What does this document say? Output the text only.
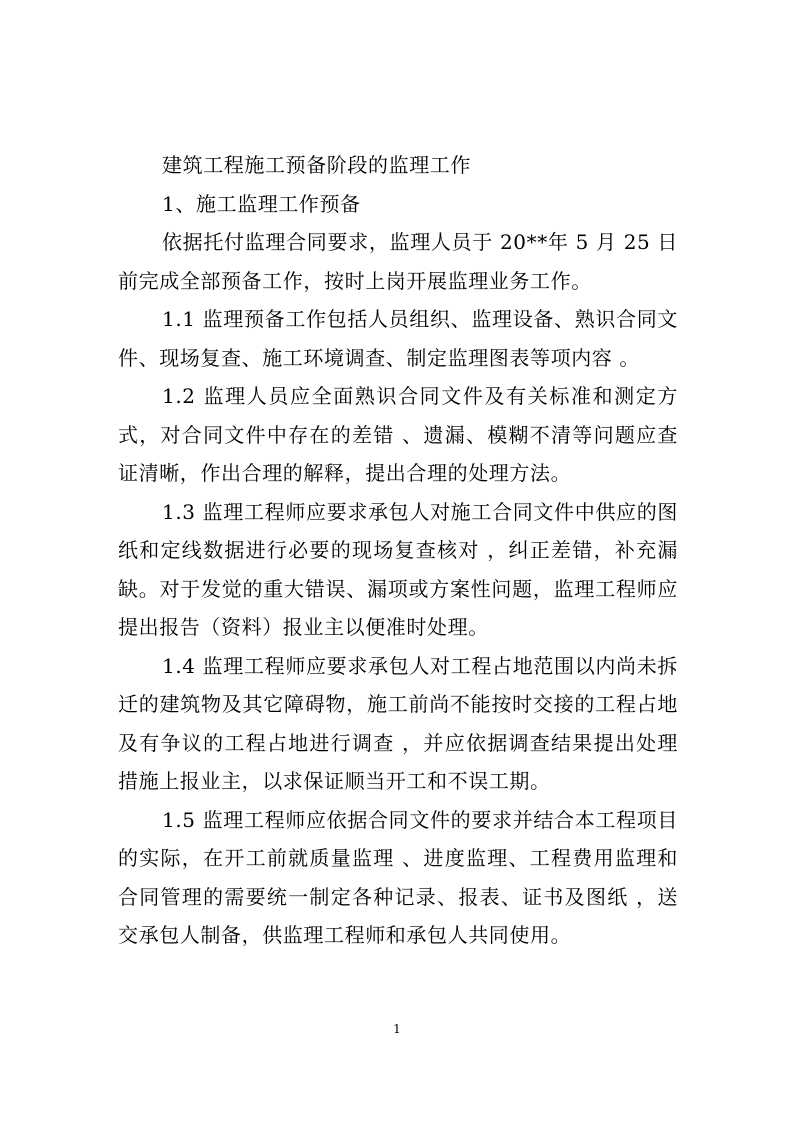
建筑工程施工预备阶段的监理工作

1、施工监理工作预备

依据托付监理合同要求，监理人员于 20**年 5 月 25 日前完成全部预备工作，按时上岗开展监理业务工作。

1.1 监理预备工作包括人员组织、监理设备、熟识合同文件、现场复查、施工环境调查、制定监理图表等项内容 。

1.2 监理人员应全面熟识合同文件及有关标准和测定方式，对合同文件中存在的差错 、遗漏、模糊不清等问题应查证清晰，作出合理的解释，提出合理的处理方法。

1.3 监理工程师应要求承包人对施工合同文件中供应的图纸和定线数据进行必要的现场复查核对 ，纠正差错，补充漏缺。对于发觉的重大错误、漏项或方案性问题，监理工程师应提出报告（资料）报业主以便准时处理。

1.4 监理工程师应要求承包人对工程占地范围以内尚未拆迁的建筑物及其它障碍物，施工前尚不能按时交接的工程占地及有争议的工程占地进行调查 ，并应依据调查结果提出处理措施上报业主，以求保证顺当开工和不误工期。

1.5 监理工程师应依据合同文件的要求并结合本工程项目的实际，在开工前就质量监理 、进度监理、工程费用监理和合同管理的需要统一制定各种记录、报表、证书及图纸 ，送交承包人制备，供监理工程师和承包人共同使用。

1
